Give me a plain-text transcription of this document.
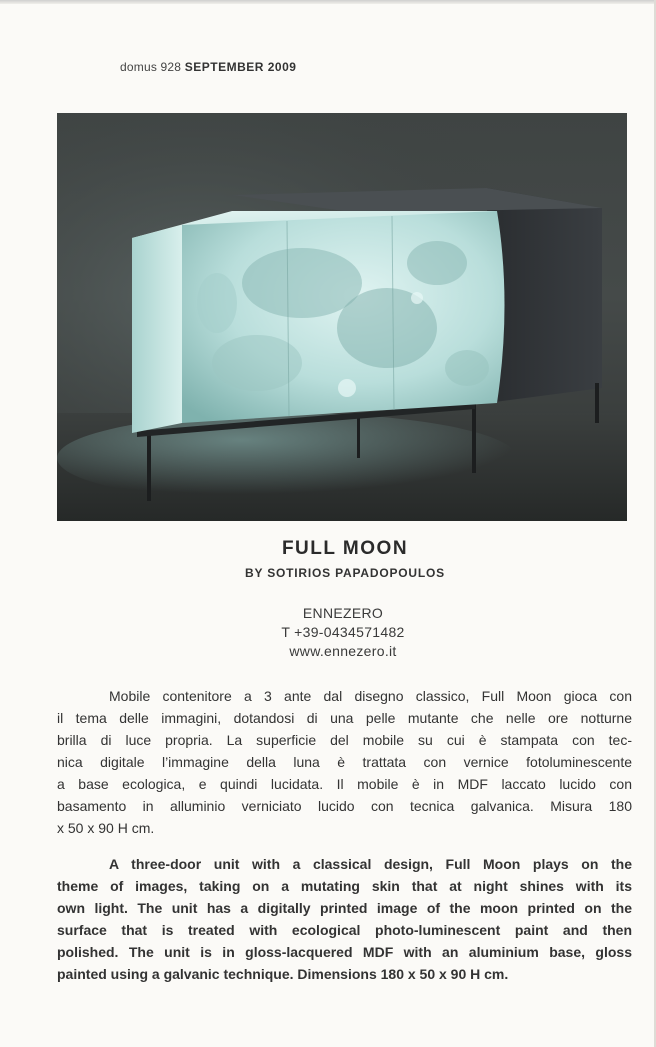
domus 928 SEPTEMBER 2009
FULL MOON
BY SOTIRIOS PAPADOPOULOS
ENNEZERO
T +39-0434571482
www.ennezero.it
Mobile contenitore a 3 ante dal disegno classico, Full Moon gioca con
il tema delle immagini, dotandosi di una pelle mutante che nelle ore notturne
brilla di luce propria. La superficie del mobile su cui è stampata con tec-
nica digitale l’immagine della luna è trattata con vernice fotoluminescente
a base ecologica, e quindi lucidata. Il mobile è in MDF laccato lucido con
basamento in alluminio verniciato lucido con tecnica galvanica. Misura 180
x 50 x 90 H cm.
A three-door unit with a classical design, Full Moon plays on the
theme of images, taking on a mutating skin that at night shines with its
own light. The unit has a digitally printed image of the moon printed on the
surface that is treated with ecological photo-luminescent paint and then
polished. The unit is in gloss-lacquered MDF with an aluminium base, gloss
painted using a galvanic technique. Dimensions 180 x 50 x 90 H cm.
